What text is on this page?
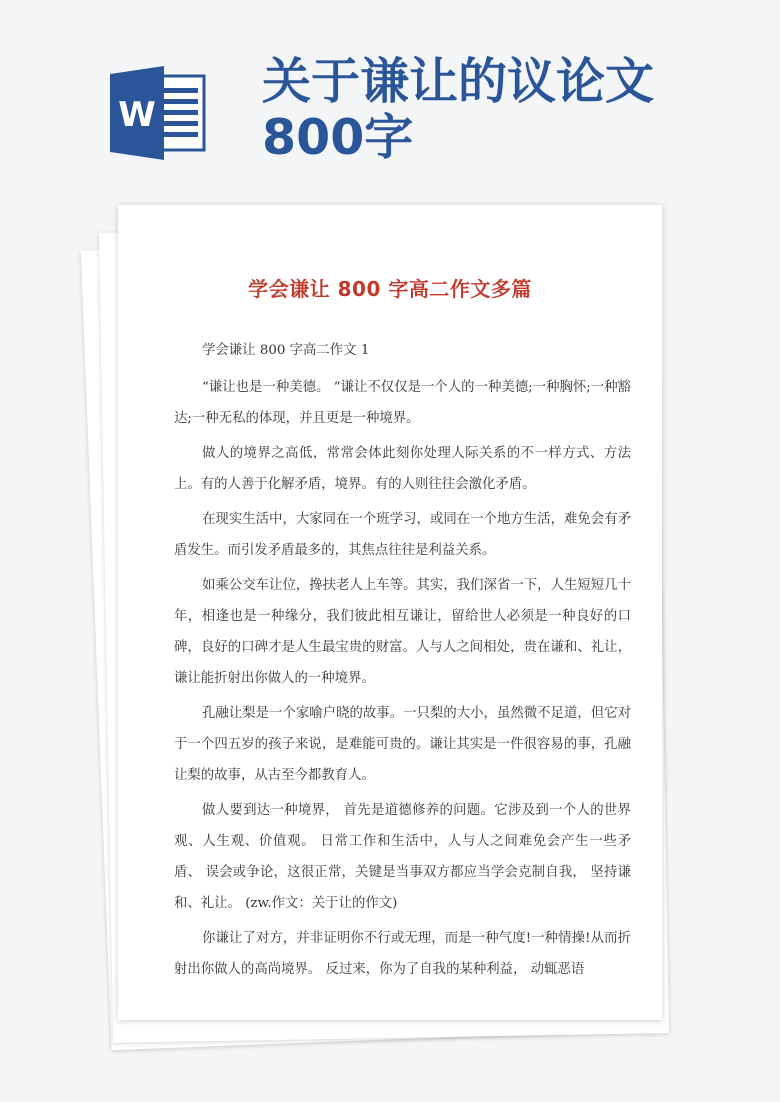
W
关于谦让的议论文
800字
学会谦让 800 字高二作文多篇

学会谦让 800 字高二作文 1

“谦让也是一种美德。 ”谦让不仅仅是一个人的一种美德;一种胸怀;一种豁达;一种无私的体现，并且更是一种境界。

做人的境界之高低，常常会体此刻你处理人际关系的不一样方式、方法上。有的人善于化解矛盾，境界。有的人则往往会激化矛盾。

在现实生活中，大家同在一个班学习，或同在一个地方生活，难免会有矛盾发生。而引发矛盾最多的，其焦点往往是利益关系。

如乘公交车让位，搀扶老人上车等。其实，我们深省一下，人生短短几十年，相逢也是一种缘分，我们彼此相互谦让，留给世人必须是一种良好的口碑，良好的口碑才是人生最宝贵的财富。人与人之间相处，贵在谦和、礼让，谦让能折射出你做人的一种境界。

孔融让梨是一个家喻户晓的故事。一只梨的大小，虽然微不足道，但它对于一个四五岁的孩子来说，是难能可贵的。谦让其实是一件很容易的事，孔融让梨的故事，从古至今都教育人。

做人要到达一种境界， 首先是道德修养的问题。它涉及到一个人的世界观、人生观、价值观。 日常工作和生活中，人与人之间难免会产生一些矛盾、 误会或争论，这很正常，关键是当事双方都应当学会克制自我， 坚持谦和、礼让。 (zw.作文：关于让的作文)

你谦让了对方，并非证明你不行或无理，而是一种气度!一种情操!从而折射出你做人的高尚境界。 反过来，你为了自我的某种利益， 动辄恶语
